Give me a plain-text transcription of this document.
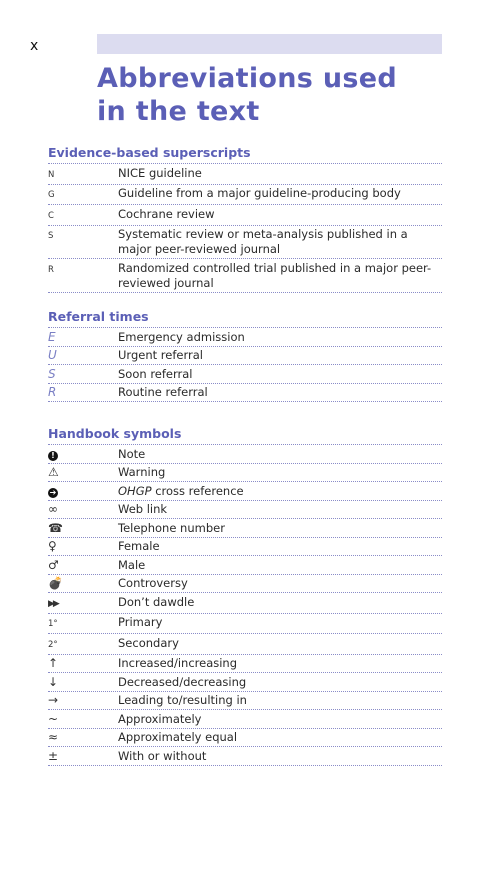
x
Abbreviations used
in the text
Evidence-based superscripts
N	NICE guideline
G	Guideline from a major guideline-producing body
C	Cochrane review
S	Systematic review or meta-analysis published in a major peer-reviewed journal
R	Randomized controlled trial published in a major peer-reviewed journal
Referral times
E	Emergency admission
U	Urgent referral
S	Soon referral
R	Routine referral
Handbook symbols
!	Note
⚠	Warning
➔	OHGP cross reference
∞	Web link
☎	Telephone number
♀	Female
♂	Male
💣	Controversy
▶▶	Don’t dawdle
1°	Primary
2°	Secondary
↑	Increased/increasing
↓	Decreased/decreasing
→	Leading to/resulting in
~	Approximately
≈	Approximately equal
±	With or without
